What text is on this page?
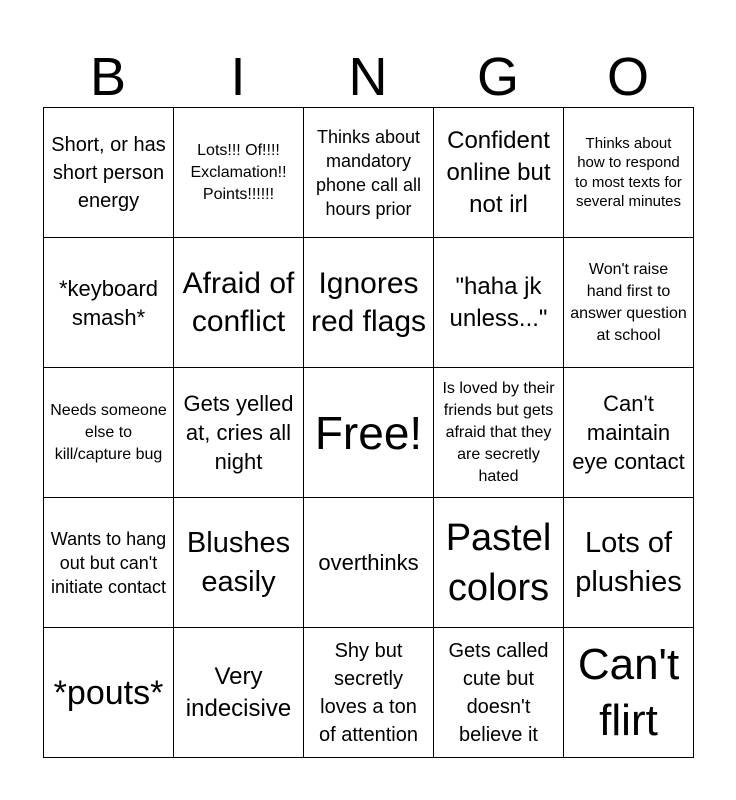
B	I	N	G	O
Short, or has short person energy	Lots!!! Of!!!! Exclamation!! Points!!!!!!	Thinks about mandatory phone call all hours prior	Confident online but not irl	Thinks about how to respond to most texts for several minutes
*keyboard smash*	Afraid of conflict	Ignores red flags	"haha jk unless..."	Won't raise hand first to answer question at school
Needs someone else to kill/capture bug	Gets yelled at, cries all night	Free!	Is loved by their friends but gets afraid that they are secretly hated	Can't maintain eye contact
Wants to hang out but can't initiate contact	Blushes easily	overthinks	Pastel colors	Lots of plushies
*pouts*	Very indecisive	Shy but secretly loves a ton of attention	Gets called cute but doesn't believe it	Can't flirt
